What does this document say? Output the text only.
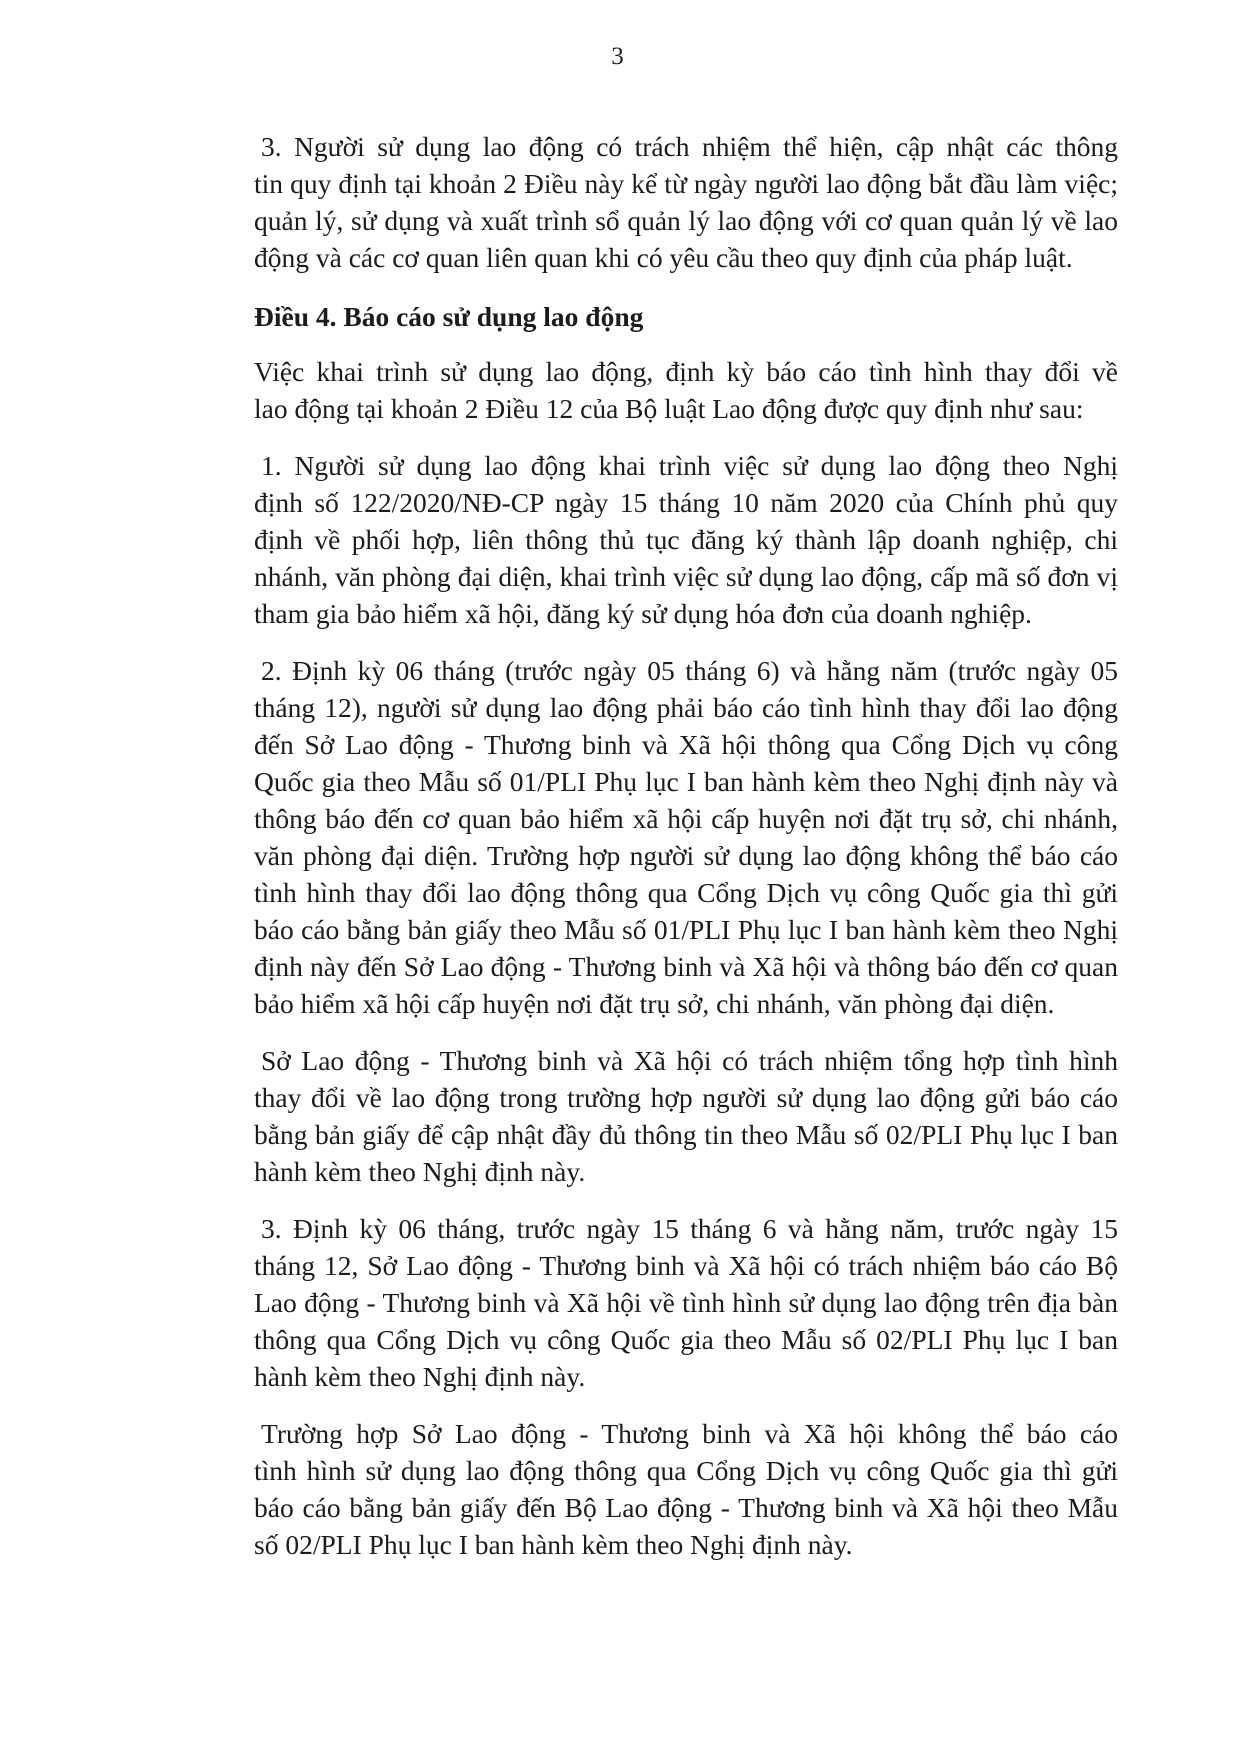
3

3. Người sử dụng lao động có trách nhiệm thể hiện, cập nhật các thông
tin quy định tại khoản 2 Điều này kể từ ngày người lao động bắt đầu làm việc;
quản lý, sử dụng và xuất trình sổ quản lý lao động với cơ quan quản lý về lao
động và các cơ quan liên quan khi có yêu cầu theo quy định của pháp luật.

Điều 4. Báo cáo sử dụng lao động

Việc khai trình sử dụng lao động, định kỳ báo cáo tình hình thay đổi về
lao động tại khoản 2 Điều 12 của Bộ luật Lao động được quy định như sau:

1. Người sử dụng lao động khai trình việc sử dụng lao động theo Nghị
định số 122/2020/NĐ-CP ngày 15 tháng 10 năm 2020 của Chính phủ quy
định về phối hợp, liên thông thủ tục đăng ký thành lập doanh nghiệp, chi
nhánh, văn phòng đại diện, khai trình việc sử dụng lao động, cấp mã số đơn vị
tham gia bảo hiểm xã hội, đăng ký sử dụng hóa đơn của doanh nghiệp.

2. Định kỳ 06 tháng (trước ngày 05 tháng 6) và hằng năm (trước ngày 05
tháng 12), người sử dụng lao động phải báo cáo tình hình thay đổi lao động
đến Sở Lao động - Thương binh và Xã hội thông qua Cổng Dịch vụ công
Quốc gia theo Mẫu số 01/PLI Phụ lục I ban hành kèm theo Nghị định này và
thông báo đến cơ quan bảo hiểm xã hội cấp huyện nơi đặt trụ sở, chi nhánh,
văn phòng đại diện. Trường hợp người sử dụng lao động không thể báo cáo
tình hình thay đổi lao động thông qua Cổng Dịch vụ công Quốc gia thì gửi
báo cáo bằng bản giấy theo Mẫu số 01/PLI Phụ lục I ban hành kèm theo Nghị
định này đến Sở Lao động - Thương binh và Xã hội và thông báo đến cơ quan
bảo hiểm xã hội cấp huyện nơi đặt trụ sở, chi nhánh, văn phòng đại diện.

Sở Lao động - Thương binh và Xã hội có trách nhiệm tổng hợp tình hình
thay đổi về lao động trong trường hợp người sử dụng lao động gửi báo cáo
bằng bản giấy để cập nhật đầy đủ thông tin theo Mẫu số 02/PLI Phụ lục I ban
hành kèm theo Nghị định này.

3. Định kỳ 06 tháng, trước ngày 15 tháng 6 và hằng năm, trước ngày 15
tháng 12, Sở Lao động - Thương binh và Xã hội có trách nhiệm báo cáo Bộ
Lao động - Thương binh và Xã hội về tình hình sử dụng lao động trên địa bàn
thông qua Cổng Dịch vụ công Quốc gia theo Mẫu số 02/PLI Phụ lục I ban
hành kèm theo Nghị định này.

Trường hợp Sở Lao động - Thương binh và Xã hội không thể báo cáo
tình hình sử dụng lao động thông qua Cổng Dịch vụ công Quốc gia thì gửi
báo cáo bằng bản giấy đến Bộ Lao động - Thương binh và Xã hội theo Mẫu
số 02/PLI Phụ lục I ban hành kèm theo Nghị định này.
